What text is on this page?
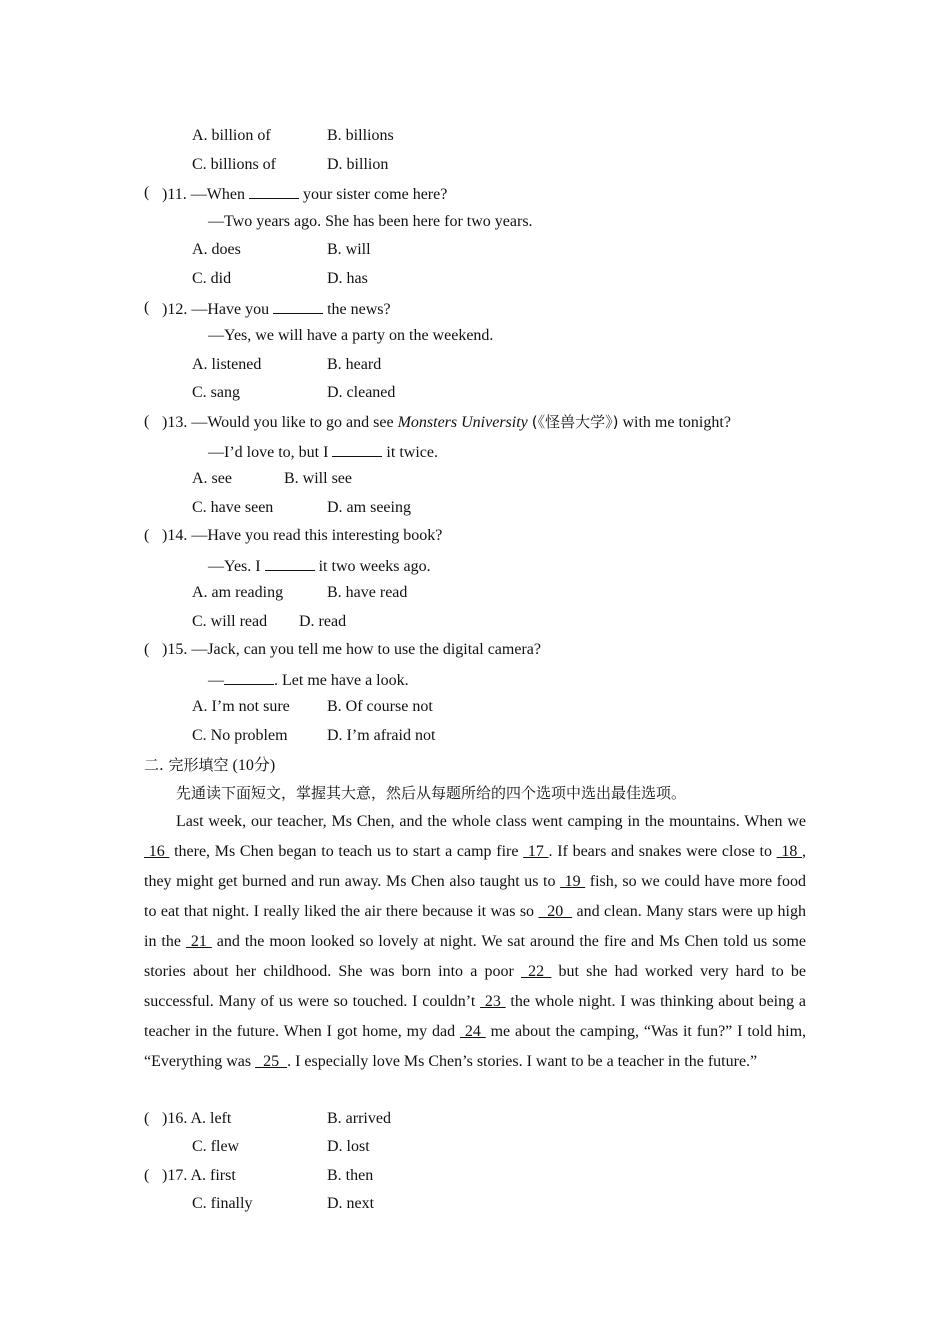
A. billion of	B. billions
C. billions of	D. billion
( )11. —When	your sister come here?
—Two years ago. She has been here for two years.
A. does	B. will
C. did	D. has
( )12. —Have you	the news?
—Yes, we will have a party on the weekend.
A. listened	B. heard
C. sang	D. cleaned
( )13. —Would you like to go and see Monsters University (《怪兽大学》) with me tonight?
—I’d love to, but I	it twice.
A. see	B. will see
C. have seen	D. am seeing
( )14. —Have you read this interesting book?
—Yes. I	it two weeks ago.
A. am reading	B. have read
C. will read D. read
( )15. —Jack, can you tell me how to use the digital camera?
—	. Let me have a look.
A. I’m not sure B. Of course not
C. No problem D. I’m afraid not
二. 完形填空 (10分)
先通读下面短文，掌握其大意，然后从每题所给的四个选项中选出最佳选项。

Last week, our teacher, Ms Chen, and the whole class went camping in the mountains. When we  16  there, Ms Chen began to teach us to start a camp fire  17 . If bears and snakes were close to  18 , they might get burned and run away. Ms Chen also taught us to  19  fish, so we could have more food to eat that night. I really liked the air there because it was so   20   and clean. Many stars were up high in the  21  and the moon looked so lovely at night. We sat around the fire and Ms Chen told us some stories about her childhood. She was born into a poor  22  but she had worked very hard to be successful. Many of us were so touched. I couldn’t  23  the whole night. I was thinking about being a teacher in the future. When I got home, my dad  24  me about the camping, “Was it fun?” I told him, “Everything was   25  . I especially love Ms Chen’s stories. I want to be a teacher in the future.”

( )16. A. left	B. arrived
C. flew	D. lost
( )17. A. first	B. then
C. finally	D. next
